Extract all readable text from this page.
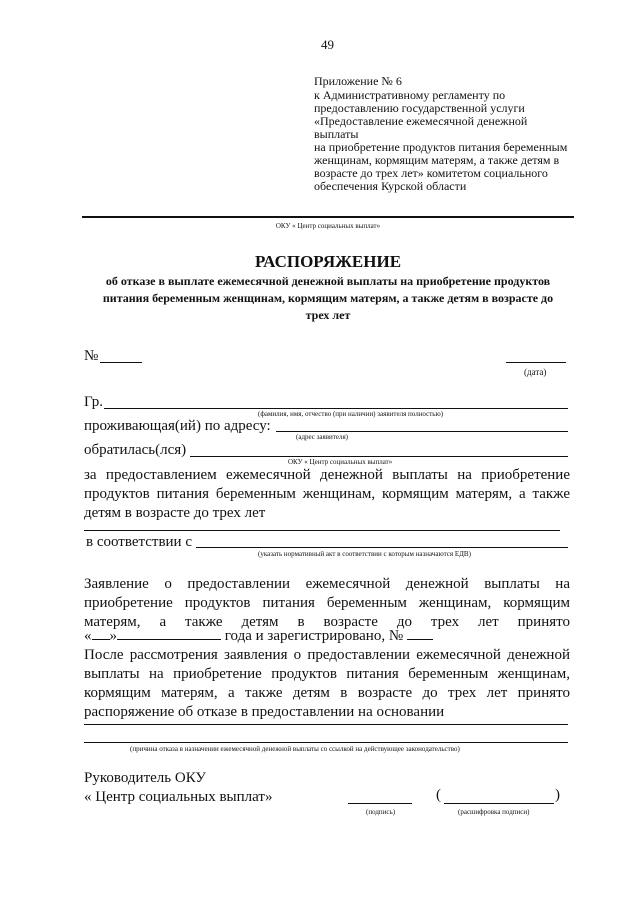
49
Приложение № 6
к Административному регламенту по
предоставлению государственной услуги
«Предоставление ежемесячной денежной выплаты
на приобретение продуктов питания беременным
женщинам, кормящим матерям, а также детям в
возрасте до трех лет» комитетом социального
обеспечения Курской области
ОКУ « Центр социальных выплат»
РАСПОРЯЖЕНИЕ
об отказе в выплате ежемесячной денежной выплаты на приобретение продуктов
питания беременным женщинам, кормящим матерям, а также детям в возрасте до
трех лет
№
(дата)
Гр.
(фамилия, имя, отчество (при наличии) заявителя полностью)
проживающая(ий) по адресу:
(адрес заявителя)
обратилась(лся)
ОКУ « Центр социальных выплат»
за предоставлением ежемесячной денежной выплаты на приобретение
продуктов питания беременным женщинам, кормящим матерям, а также
детям в возрасте до трех лет
в соответствии с
(указать нормативный акт в соответствии с которым назначаются ЕДВ)
Заявление о предоставлении ежемесячной денежной выплаты на
приобретение продуктов питания беременным женщинам, кормящим
матерям, а также детям в возрасте до трех лет принято
« »	года и зарегистрировано, №
После рассмотрения заявления о предоставлении ежемесячной денежной
выплаты на приобретение продуктов питания беременным женщинам,
кормящим матерям, а также детям в возрасте до трех лет принято
распоряжение об отказе в предоставлении на основании
(причина отказа в назначении ежемесячной денежной выплаты со ссылкой на действующее законодательство)
Руководитель ОКУ
« Центр социальных выплат»
(подпись)
(	)
(расшифровка подписи)
